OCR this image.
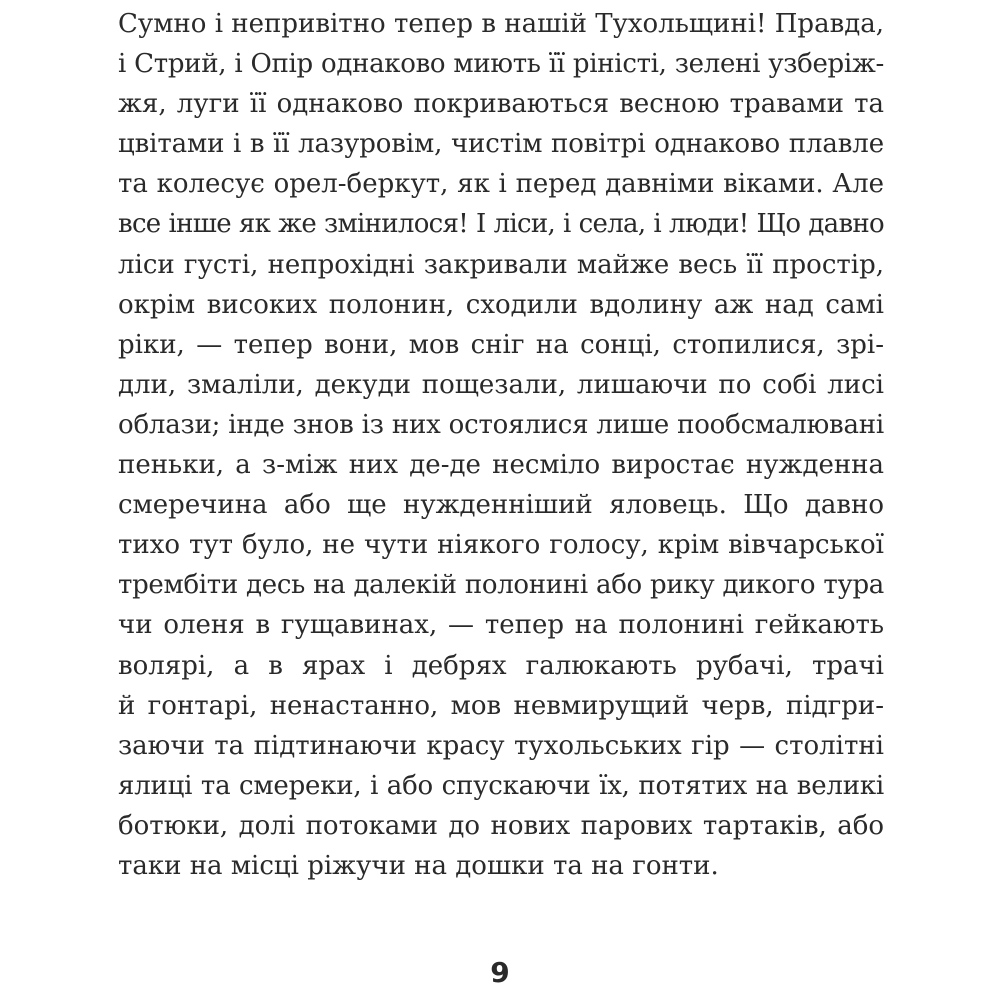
Сумно і непривітно тепер в нашій Тухольщині! Правда,
і Стрий, і Опір однаково миють її ріністі, зелені узберіж-
жя, луги її однаково покриваються весною травами та
цвітами і в її лазуровім, чистім повітрі однаково плавле
та колесує орел-беркут, як і перед давніми віками. Але
все інше як же змінилося! І ліси, і села, і люди! Що давно
ліси густі, непрохідні закривали майже весь її простір,
окрім високих полонин, сходили вдолину аж над самі
ріки, — тепер вони, мов сніг на сонці, стопилися, зрі-
дли, змаліли, декуди пощезали, лишаючи по собі лисі
облази; інде знов із них остоялися лише пообсмалювані
пеньки, а з-між них де-де несміло виростає нужденна
смеречина або ще нужденніший яловець. Що давно
тихо тут було, не чути ніякого голосу, крім вівчарської
трембіти десь на далекій полонині або рику дикого тура
чи оленя в гущавинах, — тепер на полонині гейкають
волярі, а в ярах і дебрях галюкають рубачі, трачі
й гонтарі, ненастанно, мов невмирущий черв, підгри-
заючи та підтинаючи красу тухольських гір — столітні
ялиці та смереки, і або спускаючи їх, потятих на великі
ботюки, долі потоками до нових парових тартаків, або
таки на місці ріжучи на дошки та на гонти.
9
